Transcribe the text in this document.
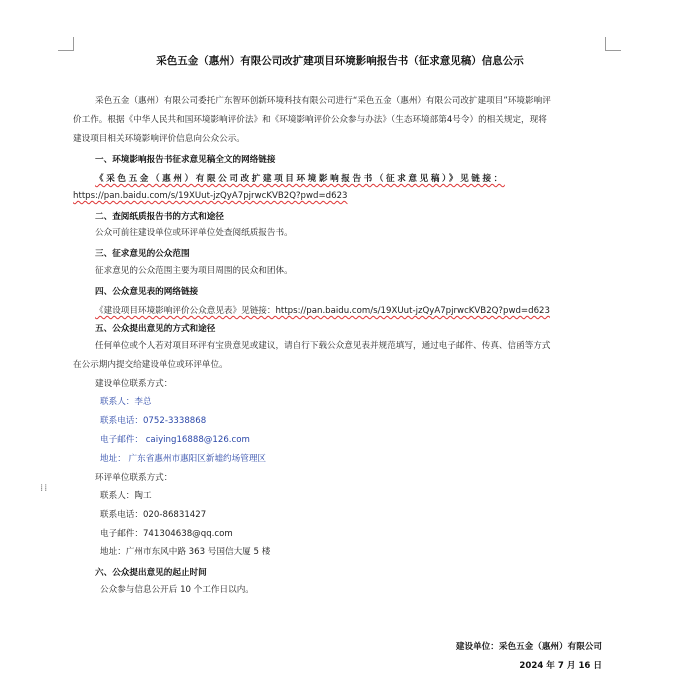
⁞⁞
采色五金（惠州）有限公司改扩建项目环境影响报告书（征求意见稿）信息公示
采色五金（惠州）有限公司委托广东智环创新环境科技有限公司进行“采色五金（惠州）有限公司改扩建项目”环境影响评
价工作。根据《中华人民共和国环境影响评价法》和《环境影响评价公众参与办法》（生态环境部第4号令）的相关规定，现将
建设项目相关环境影响评价信息向公众公示。
一、环境影响报告书征求意见稿全文的网络链接
《采色五金（惠州）有限公司改扩建项目环境影响报告书（征求意见稿）》见链接：
https://pan.baidu.com/s/19XUut-jzQyA7pjrwcKVB2Q?pwd=d623
二、查阅纸质报告书的方式和途径
公众可前往建设单位或环评单位处查阅纸质报告书。
三、征求意见的公众范围
征求意见的公众范围主要为项目周围的民众和团体。
四、公众意见表的网络链接
《建设项目环境影响评价公众意见表》见链接：https://pan.baidu.com/s/19XUut-jzQyA7pjrwcKVB2Q?pwd=d623
五、公众提出意见的方式和途径
任何单位或个人若对项目环评有宝贵意见或建议，请自行下载公众意见表并规范填写，通过电子邮件、传真、信函等方式
在公示期内提交给建设单位或环评单位。
建设单位联系方式：
联系人：李总
联系电话：0752-3338868
电子邮件： caiying16888@126.com
地址： 广东省惠州市惠阳区新墟约场管理区
环评单位联系方式：
联系人：陶工
联系电话：020-86831427
电子邮件：741304638@qq.com
地址：广州市东风中路 363 号国信大厦 5 楼
六、公众提出意见的起止时间
公众参与信息公开后 10 个工作日以内。
建设单位：采色五金（惠州）有限公司
2024 年 7 月 16 日
